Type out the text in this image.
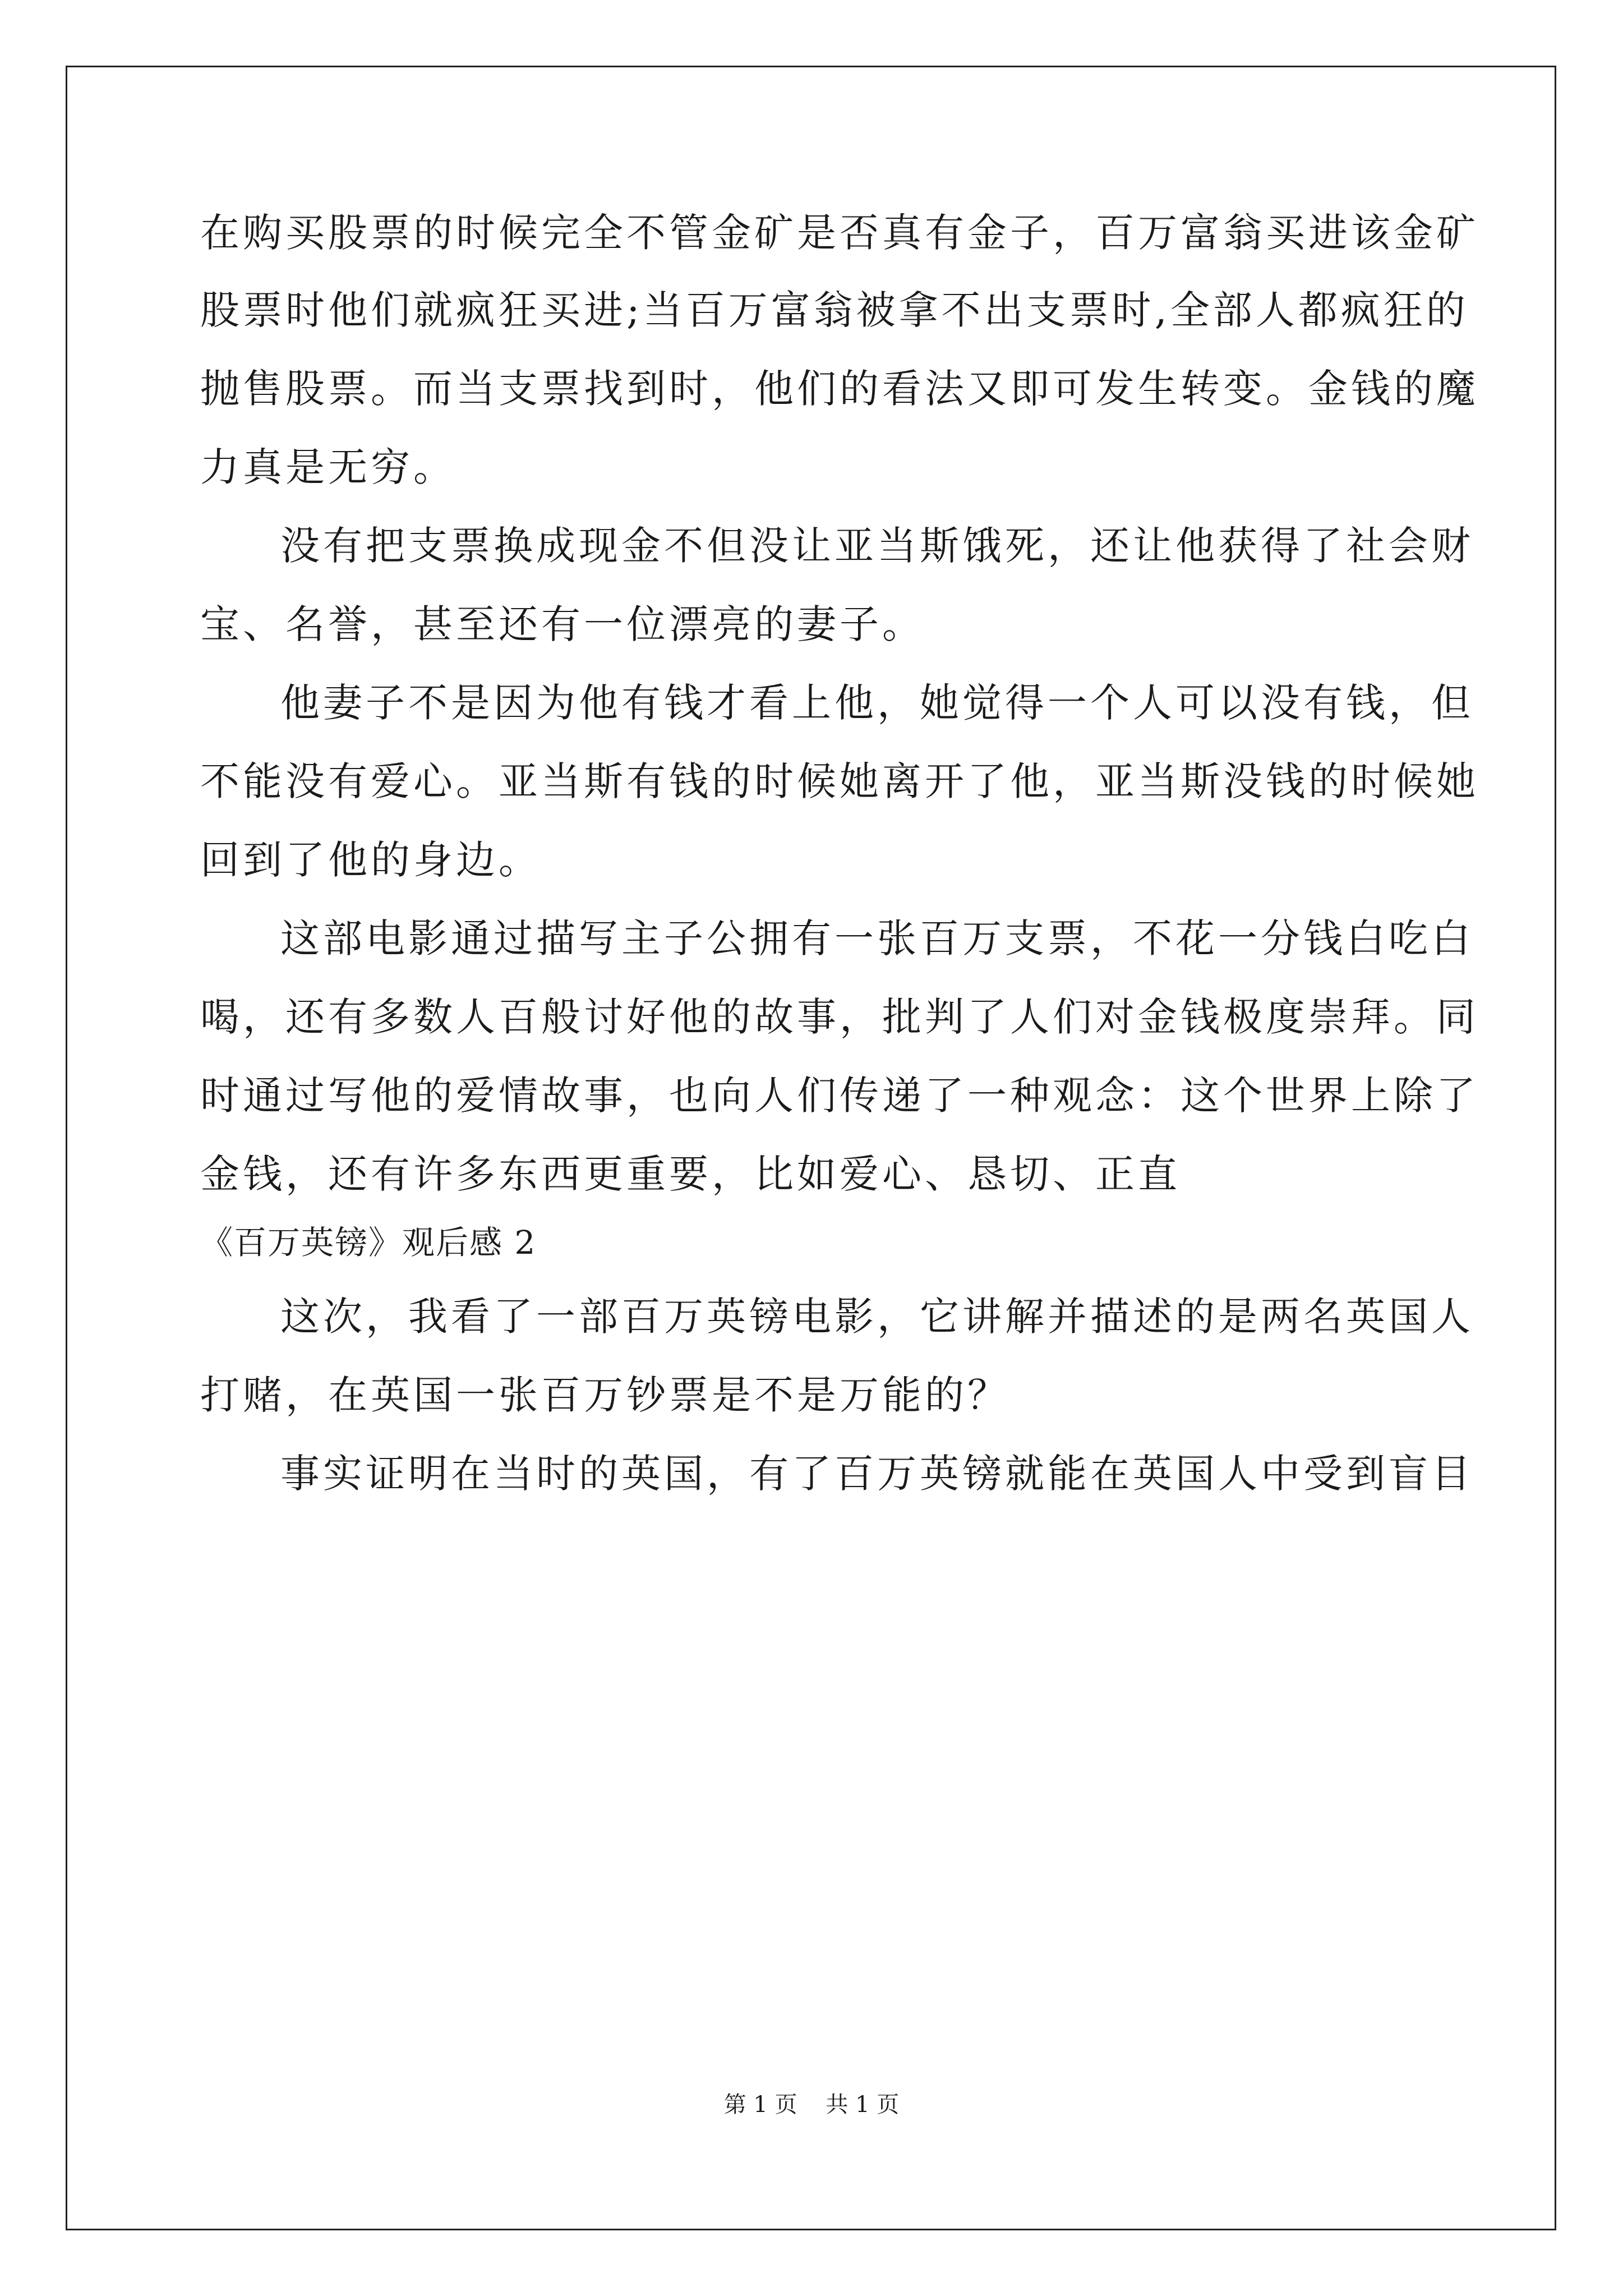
在购买股票的时候完全不管金矿是否真有金子，百万富翁买进该金矿
股票时他们就疯狂买进;当百万富翁被拿不出支票时,全部人都疯狂的
抛售股票。而当支票找到时，他们的看法又即可发生转变。金钱的魔
力真是无穷。
没有把支票换成现金不但没让亚当斯饿死，还让他获得了社会财
宝、名誉，甚至还有一位漂亮的妻子。
他妻子不是因为他有钱才看上他，她觉得一个人可以没有钱，但
不能没有爱心。亚当斯有钱的时候她离开了他，亚当斯没钱的时候她
回到了他的身边。
这部电影通过描写主子公拥有一张百万支票，不花一分钱白吃白
喝，还有多数人百般讨好他的故事，批判了人们对金钱极度崇拜。同
时通过写他的爱情故事，也向人们传递了一种观念：这个世界上除了
金钱，还有许多东西更重要，比如爱心、恳切、正直
《百万英镑》观后感 2
这次，我看了一部百万英镑电影，它讲解并描述的是两名英国人
打赌，在英国一张百万钞票是不是万能的？
事实证明在当时的英国，有了百万英镑就能在英国人中受到盲目
第 1 页    共 1 页
